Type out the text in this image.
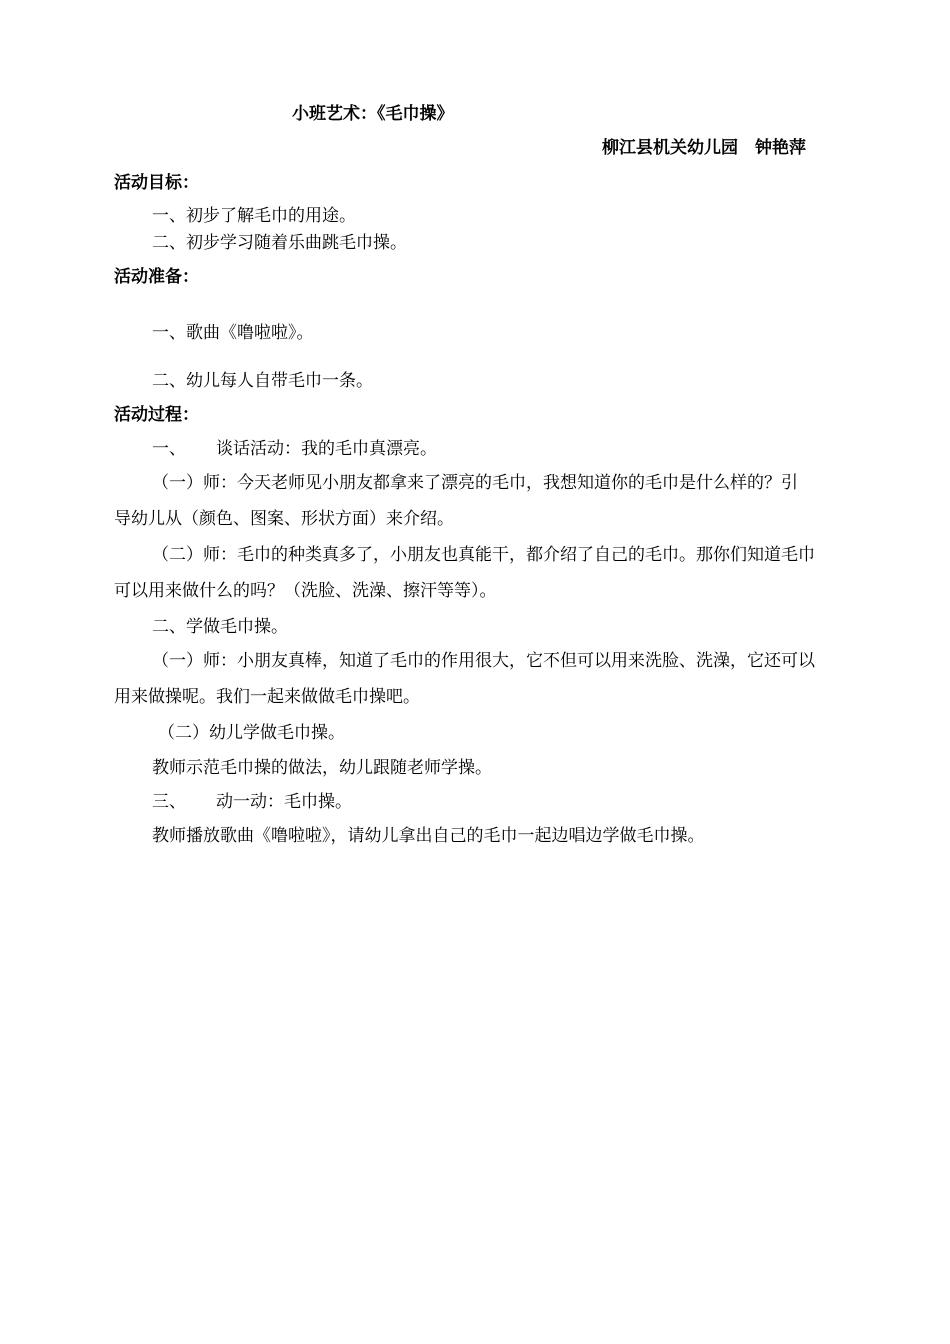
小班艺术：《毛巾操》
柳江县机关幼儿园　钟艳萍
活动目标：
一、初步了解毛巾的用途。
二、初步学习随着乐曲跳毛巾操。
活动准备：
一、歌曲《噜啦啦》。
二、幼儿每人自带毛巾一条。
活动过程：
一、 谈话活动：我的毛巾真漂亮。
（一）师：今天老师见小朋友都拿来了漂亮的毛巾，我想知道你的毛巾是什么样的？引
导幼儿从（颜色、图案、形状方面）来介绍。
（二）师：毛巾的种类真多了，小朋友也真能干，都介绍了自己的毛巾。那你们知道毛巾
可以用来做什么的吗？（洗脸、洗澡、擦汗等等）。
二、学做毛巾操。
（一）师：小朋友真棒，知道了毛巾的作用很大，它不但可以用来洗脸、洗澡，它还可以
用来做操呢。我们一起来做做毛巾操吧。
（二）幼儿学做毛巾操。
教师示范毛巾操的做法，幼儿跟随老师学操。
三、 动一动：毛巾操。
教师播放歌曲《噜啦啦》，请幼儿拿出自己的毛巾一起边唱边学做毛巾操。
